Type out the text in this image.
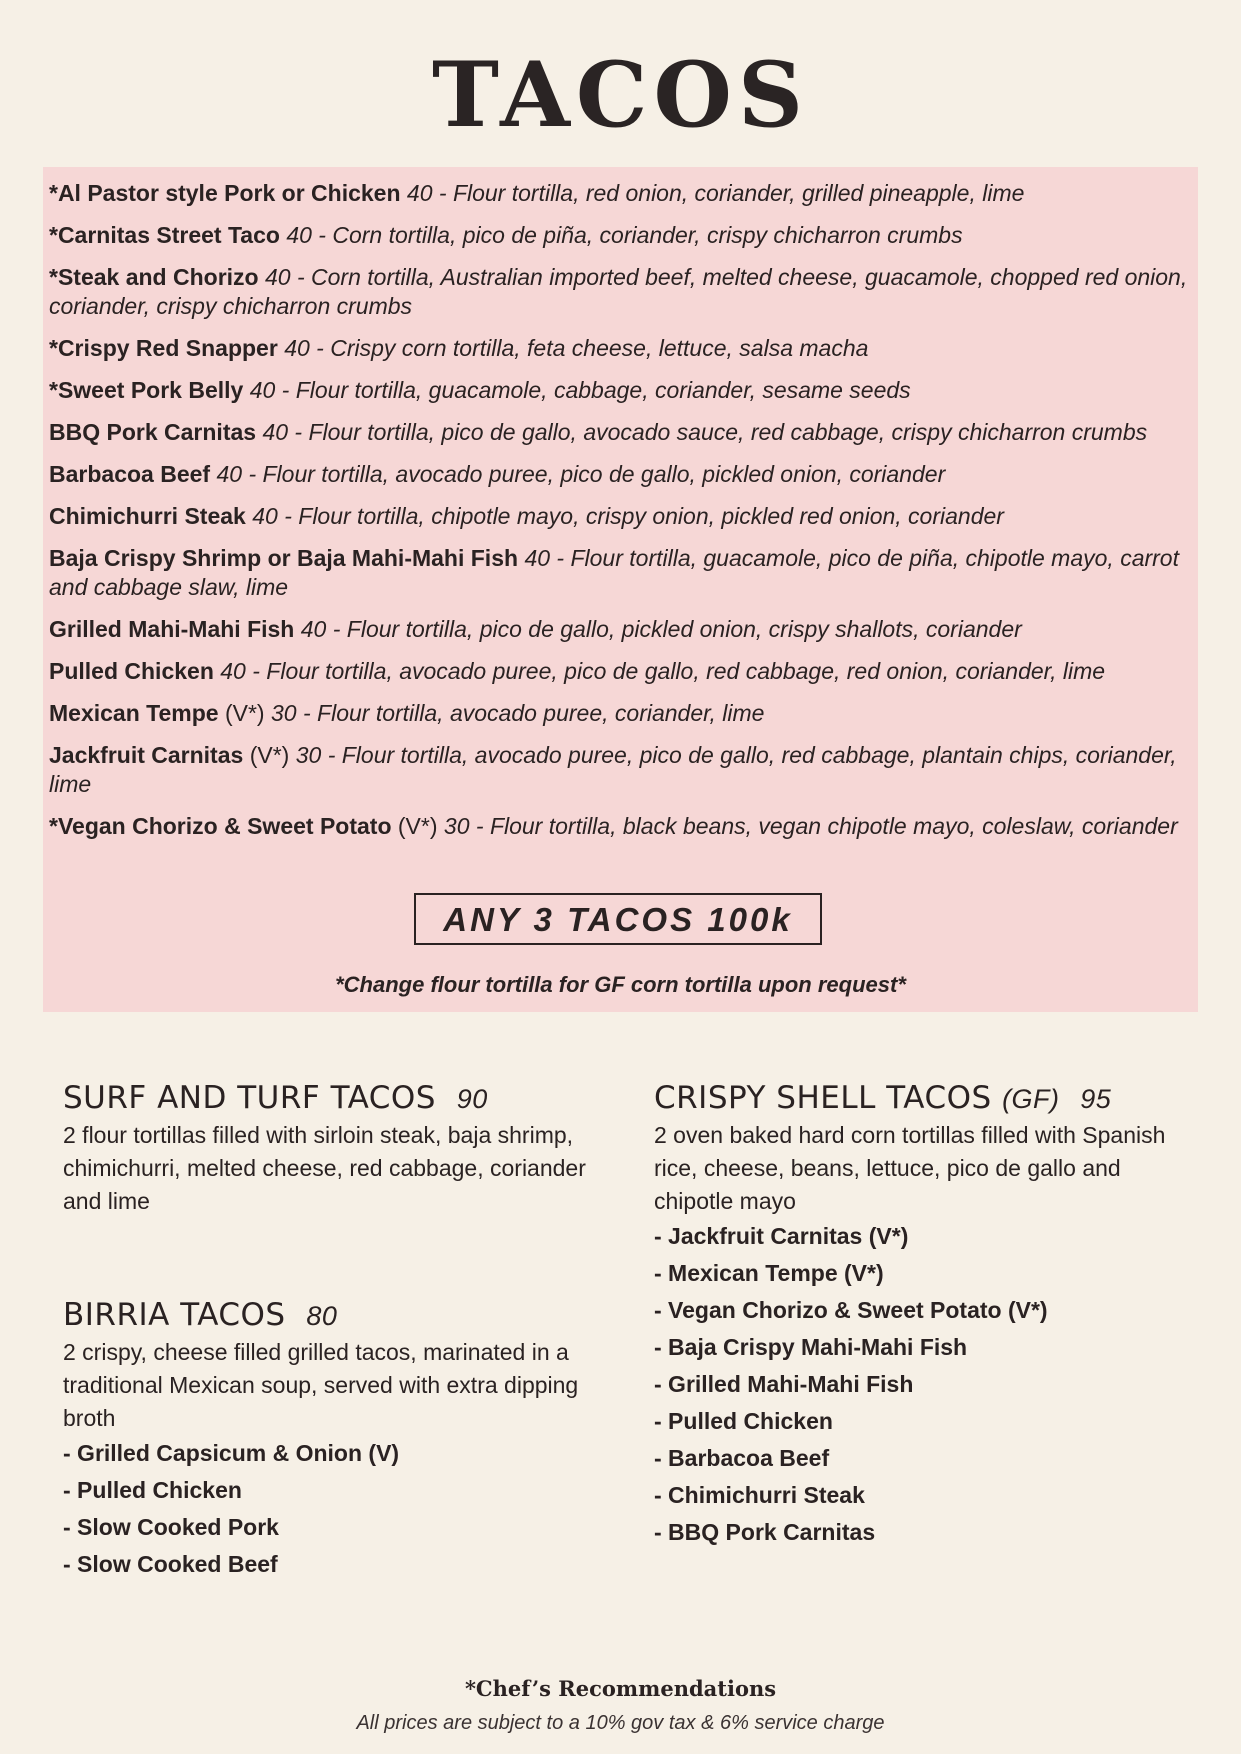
TACOS
*Al Pastor style Pork or Chicken 40 - Flour tortilla, red onion, coriander, grilled pineapple, lime
*Carnitas Street Taco 40 - Corn tortilla, pico de piña, coriander, crispy chicharron crumbs
*Steak and Chorizo 40 - Corn tortilla, Australian imported beef, melted cheese, guacamole, chopped red onion, coriander, crispy chicharron crumbs
*Crispy Red Snapper 40 - Crispy corn tortilla, feta cheese, lettuce, salsa macha
*Sweet Pork Belly 40 - Flour tortilla, guacamole, cabbage, coriander, sesame seeds
BBQ Pork Carnitas 40 - Flour tortilla, pico de gallo, avocado sauce, red cabbage, crispy chicharron crumbs
Barbacoa Beef 40 - Flour tortilla, avocado puree, pico de gallo, pickled onion, coriander
Chimichurri Steak 40 - Flour tortilla, chipotle mayo, crispy onion, pickled red onion, coriander
Baja Crispy Shrimp or Baja Mahi-Mahi Fish 40 - Flour tortilla, guacamole, pico de piña, chipotle mayo, carrot and cabbage slaw, lime
Grilled Mahi-Mahi Fish 40 - Flour tortilla, pico de gallo, pickled onion, crispy shallots, coriander
Pulled Chicken 40 - Flour tortilla, avocado puree, pico de gallo, red cabbage, red onion, coriander, lime
Mexican Tempe (V*) 30 - Flour tortilla, avocado puree, coriander, lime
Jackfruit Carnitas (V*) 30 - Flour tortilla, avocado puree, pico de gallo, red cabbage, plantain chips, coriander, lime
*Vegan Chorizo & Sweet Potato (V*) 30 - Flour tortilla, black beans, vegan chipotle mayo, coleslaw, coriander
ANY 3 TACOS 100k
*Change flour tortilla for GF corn tortilla upon request*
SURF AND TURF TACOS 90
2 flour tortillas filled with sirloin steak, baja shrimp, chimichurri, melted cheese, red cabbage, coriander and lime
BIRRIA TACOS 80
2 crispy, cheese filled grilled tacos, marinated in a traditional Mexican soup, served with extra dipping broth
- Grilled Capsicum & Onion (V)
- Pulled Chicken
- Slow Cooked Pork
- Slow Cooked Beef
CRISPY SHELL TACOS (GF) 95
2 oven baked hard corn tortillas filled with Spanish rice, cheese, beans, lettuce, pico de gallo and chipotle mayo
- Jackfruit Carnitas (V*)
- Mexican Tempe (V*)
- Vegan Chorizo & Sweet Potato (V*)
- Baja Crispy Mahi-Mahi Fish
- Grilled Mahi-Mahi Fish
- Pulled Chicken
- Barbacoa Beef
- Chimichurri Steak
- BBQ Pork Carnitas
*Chef’s Recommendations
All prices are subject to a 10% gov tax & 6% service charge
